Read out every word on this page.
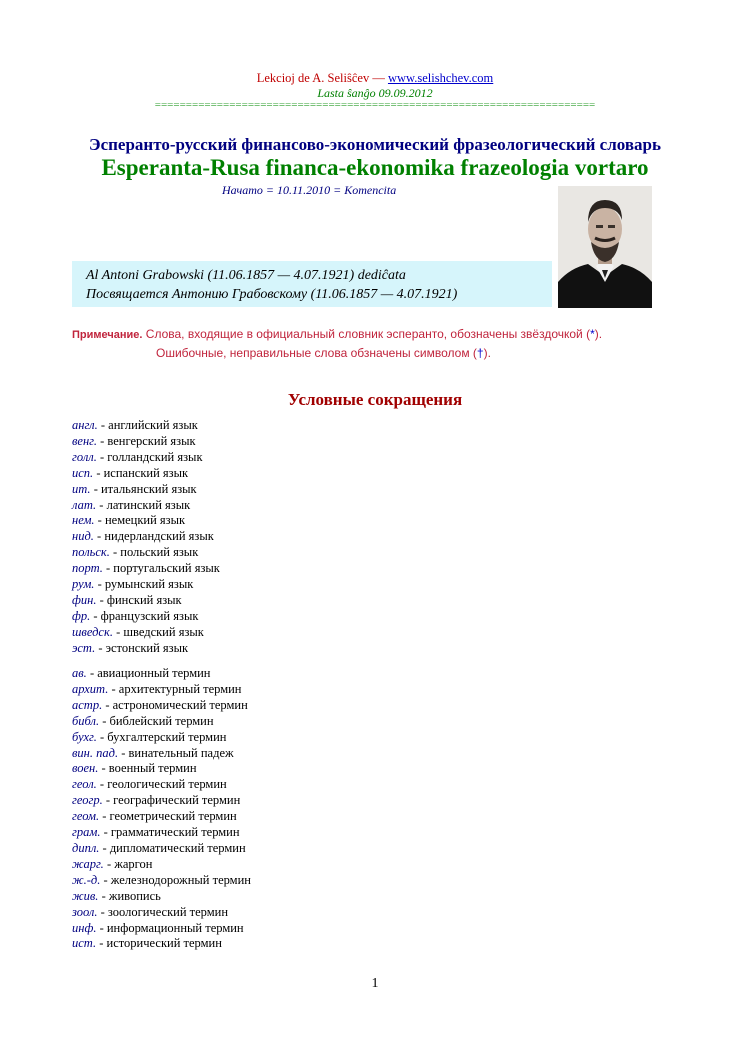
Lekcioj de A. Seliŝĉev — www.selishchev.com
Lasta ŝanĝo 09.09.2012
=======================================================================
Эсперанто-русский финансово-экономический фразеологический словарь
Esperanta-Rusa financa-ekonomika frazeologia vortaro
Начато = 10.11.2010 = Komencita
Al Antoni Grabowski (11.06.1857 — 4.07.1921) dediĉata
Посвящается Антонию Грабовскому (11.06.1857 — 4.07.1921)
Примечание. Слова, входящие в официальный словник эсперанто, обозначены звёздочкой (*).
Ошибочные, неправильные слова обзначены символом (†).
Условные сокращения
англ. - английский язык
венг. - венгерский язык
голл. - голландский язык
исп. - испанский язык
ит. - итальянский язык
лат. - латинский язык
нем. - немецкий язык
нид. - нидерландский язык
польск. - польский язык
порт. - португальский язык
рум. - румынский язык
фин. - финский язык
фр. - французский язык
шведск. - шведский язык
эст. - эстонский язык
ав. - авиационный термин
архит. - архитектурный термин
астр. - астрономический термин
библ. - библейский термин
бухг. - бухгалтерский термин
вин. пад. - винательный падеж
воен. - военный термин
геол. - геологический термин
геогр. - географический термин
геом. - геометрический термин
грам. - грамматический термин
дипл. - дипломатический термин
жарг. - жаргон
ж.-д. - железнодорожный термин
жив. - живопись
зоол. - зоологический термин
инф. - информационный термин
ист. - исторический термин
1
